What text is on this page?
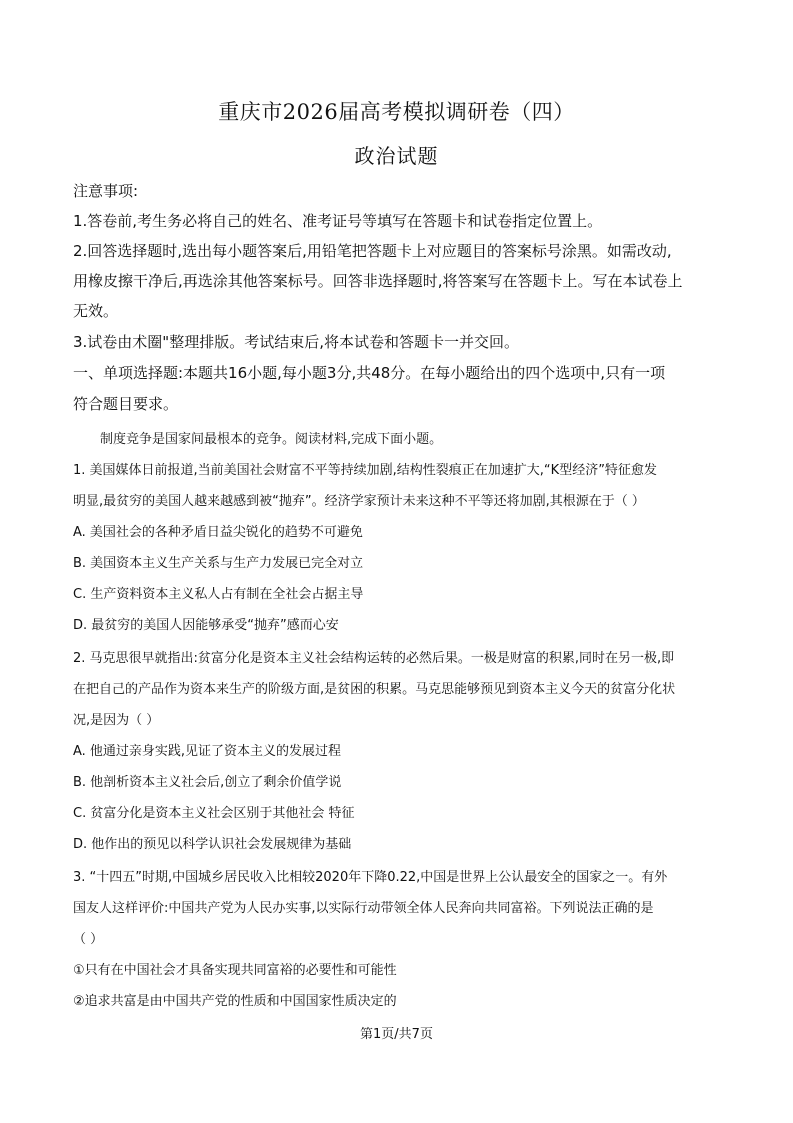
重庆市2026届高考模拟调研卷（四）
政治试题
注意事项:
1.答卷前,考生务必将自己的姓名、准考证号等填写在答题卡和试卷指定位置上。
2.回答选择题时,选出每小题答案后,用铅笔把答题卡上对应题目的答案标号涂黑。如需改动,
用橡皮擦干净后,再选涂其他答案标号。回答非选择题时,将答案写在答题卡上。写在本试卷上
无效。
3.试卷由术圈"整理排版。考试结束后,将本试卷和答题卡一并交回。
一、单项选择题:本题共16小题,每小题3分,共48分。在每小题给出的四个选项中,只有一项
符合题目要求。
制度竞争是国家间最根本的竞争。阅读材料,完成下面小题。
1. 美国媒体日前报道,当前美国社会财富不平等持续加剧,结构性裂痕正在加速扩大,“K型经济”特征愈发
明显,最贫穷的美国人越来越感到被“抛弃”。经济学家预计未来这种不平等还将加剧,其根源在于（ ）
A. 美国社会的各种矛盾日益尖锐化的趋势不可避免
B. 美国资本主义生产关系与生产力发展已完全对立
C. 生产资料资本主义私人占有制在全社会占据主导
D. 最贫穷的美国人因能够承受“抛弃”感而心安
2. 马克思很早就指出:贫富分化是资本主义社会结构运转的必然后果。一极是财富的积累,同时在另一极,即
在把自己的产品作为资本来生产的阶级方面,是贫困的积累。马克思能够预见到资本主义今天的贫富分化状
况,是因为（ ）
A. 他通过亲身实践,见证了资本主义的发展过程
B. 他剖析资本主义社会后,创立了剩余价值学说
C. 贫富分化是资本主义社会区别于其他社会 特征
D. 他作出的预见以科学认识社会发展规律为基础
3. “十四五”时期,中国城乡居民收入比相较2020年下降0.22,中国是世界上公认最安全的国家之一。有外
国友人这样评价:中国共产党为人民办实事,以实际行动带领全体人民奔向共同富裕。下列说法正确的是
（ ）
①只有在中国社会才具备实现共同富裕的必要性和可能性
②追求共富是由中国共产党的性质和中国国家性质决定的
第1页/共7页
